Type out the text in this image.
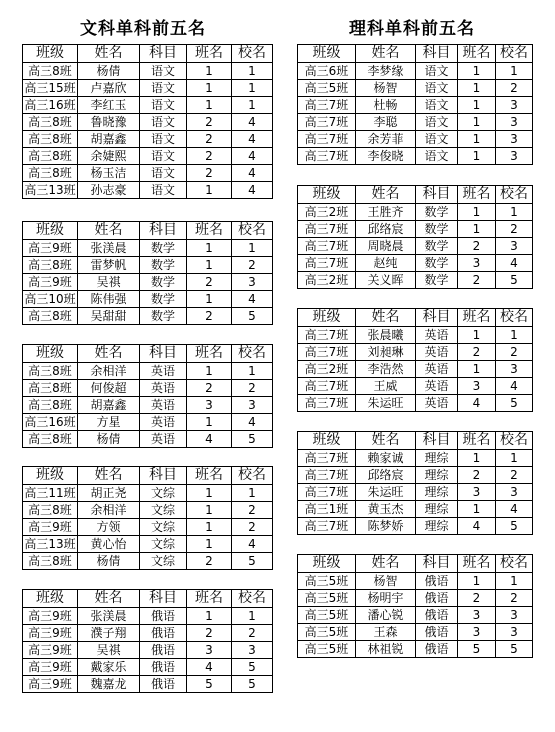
文科单科前五名	理科单科前五名
班级	姓名	科目	班名	校名
高三8班	杨倩	语文	1	1
高三15班	卢嘉欣	语文	1	1
高三16班	李红玉	语文	1	1
高三8班	鲁晓豫	语文	2	4
高三8班	胡嘉鑫	语文	2	4
高三8班	余婕熙	语文	2	4
高三8班	杨玉洁	语文	2	4
高三13班	孙志豪	语文	1	4
班级	姓名	科目	班名	校名
高三9班	张渼晨	数学	1	1
高三8班	雷梦帆	数学	1	2
高三9班	吴祺	数学	2	3
高三10班	陈伟强	数学	1	4
高三8班	吴甜甜	数学	2	5
班级	姓名	科目	班名	校名
高三8班	余相洋	英语	1	1
高三8班	何俊超	英语	2	2
高三8班	胡嘉鑫	英语	3	3
高三16班	方星	英语	1	4
高三8班	杨倩	英语	4	5
班级	姓名	科目	班名	校名
高三11班	胡正尧	文综	1	1
高三8班	余相洋	文综	1	2
高三9班	方领	文综	1	2
高三13班	黄心怡	文综	1	4
高三8班	杨倩	文综	2	5
班级	姓名	科目	班名	校名
高三9班	张渼晨	俄语	1	1
高三9班	濮子翔	俄语	2	2
高三9班	吴祺	俄语	3	3
高三9班	戴家乐	俄语	4	5
高三9班	魏嘉龙	俄语	5	5
班级	姓名	科目	班名	校名
高三6班	李梦缘	语文	1	1
高三5班	杨智	语文	1	2
高三7班	杜畅	语文	1	3
高三7班	李聪	语文	1	3
高三7班	余芳菲	语文	1	3
高三7班	李俊晓	语文	1	3
班级	姓名	科目	班名	校名
高三2班	王胜齐	数学	1	1
高三7班	邱络宸	数学	1	2
高三7班	周晓晨	数学	2	3
高三7班	赵纯	数学	3	4
高三2班	关义晖	数学	2	5
班级	姓名	科目	班名	校名
高三7班	张晨曦	英语	1	1
高三7班	刘昶琳	英语	2	2
高三2班	李浩然	英语	1	3
高三7班	王威	英语	3	4
高三7班	朱运旺	英语	4	5
班级	姓名	科目	班名	校名
高三7班	赖家诚	理综	1	1
高三7班	邱络宸	理综	2	2
高三7班	朱运旺	理综	3	3
高三1班	黄玉杰	理综	1	4
高三7班	陈梦娇	理综	4	5
班级	姓名	科目	班名	校名
高三5班	杨智	俄语	1	1
高三5班	杨明宇	俄语	2	2
高三5班	潘心锐	俄语	3	3
高三5班	王森	俄语	3	3
高三5班	林祖锐	俄语	5	5
